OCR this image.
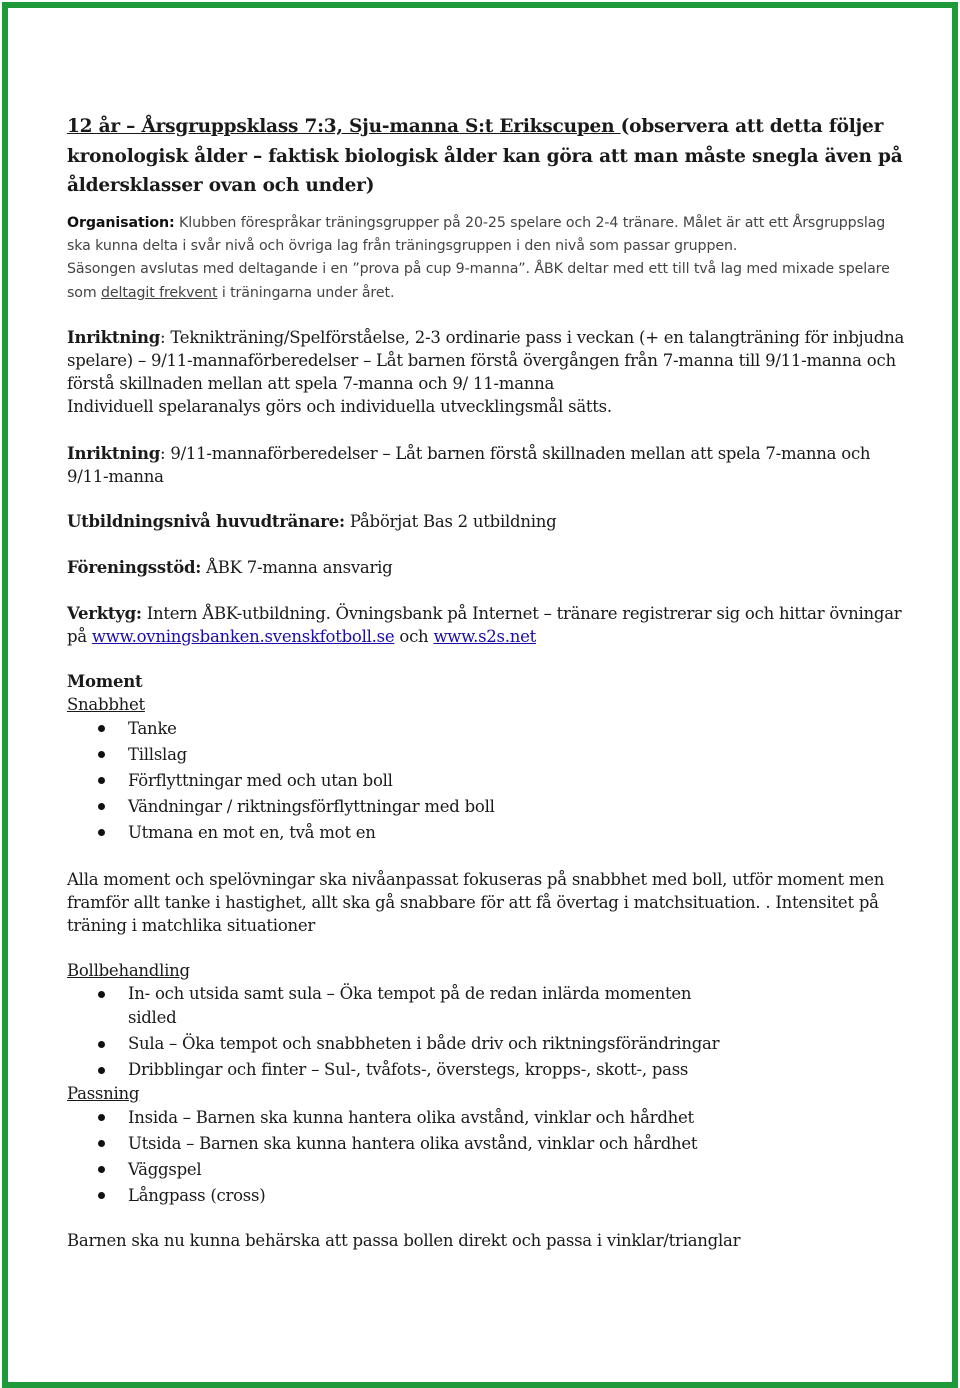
12 år – Årsgruppsklass 7:3, Sju-manna S:t Erikscupen (observera att detta följer kronologisk ålder – faktisk biologisk ålder kan göra att man måste snegla även på åldersklasser ovan och under)

Organisation: Klubben förespråkar träningsgrupper på 20-25 spelare och 2-4 tränare. Målet är att ett Årsgruppslag ska kunna delta i svår nivå och övriga lag från träningsgruppen i den nivå som passar gruppen.

Säsongen avslutas med deltagande i en ”prova på cup 9-manna”. ÅBK deltar med ett till två lag med mixade spelare som deltagit frekvent i träningarna under året.

Inriktning: Teknikträning/Spelförståelse, 2-3 ordinarie pass i veckan (+ en talangträning för inbjudna spelare) – 9/11-mannaförberedelser – Låt barnen förstå övergången från 7-manna till 9/11-manna och förstå skillnaden mellan att spela 7-manna och 9/ 11-manna

Individuell spelaranalys görs och individuella utvecklingsmål sätts.

Inriktning: 9/11-mannaförberedelser – Låt barnen förstå skillnaden mellan att spela 7-manna och 9/11-manna

Utbildningsnivå huvudtränare: Påbörjat Bas 2 utbildning

Föreningsstöd: ÅBK 7-manna ansvarig

Verktyg: Intern ÅBK-utbildning. Övningsbank på Internet – tränare registrerar sig och hittar övningar på www.ovningsbanken.svenskfotboll.se och www.s2s.net

Moment

Snabbhet

Tanke
Tillslag
Förflyttningar med och utan boll
Vändningar / riktningsförflyttningar med boll
Utmana en mot en, två mot en

Alla moment och spelövningar ska nivåanpassat fokuseras på snabbhet med boll, utför moment men framför allt tanke i hastighet, allt ska gå snabbare för att få övertag i matchsituation. . Intensitet på träning i matchlika situationer

Bollbehandling

In- och utsida samt sula – Öka tempot på de redan inlärda momenten sidled
Sula – Öka tempot och snabbheten i både driv och riktningsförändringar
Dribblingar och finter – Sul-, tvåfots-, överstegs, kropps-, skott-, pass

Passning

Insida – Barnen ska kunna hantera olika avstånd, vinklar och hårdhet
Utsida – Barnen ska kunna hantera olika avstånd, vinklar och hårdhet
Väggspel
Långpass (cross)

Barnen ska nu kunna behärska att passa bollen direkt och passa i vinklar/trianglar
